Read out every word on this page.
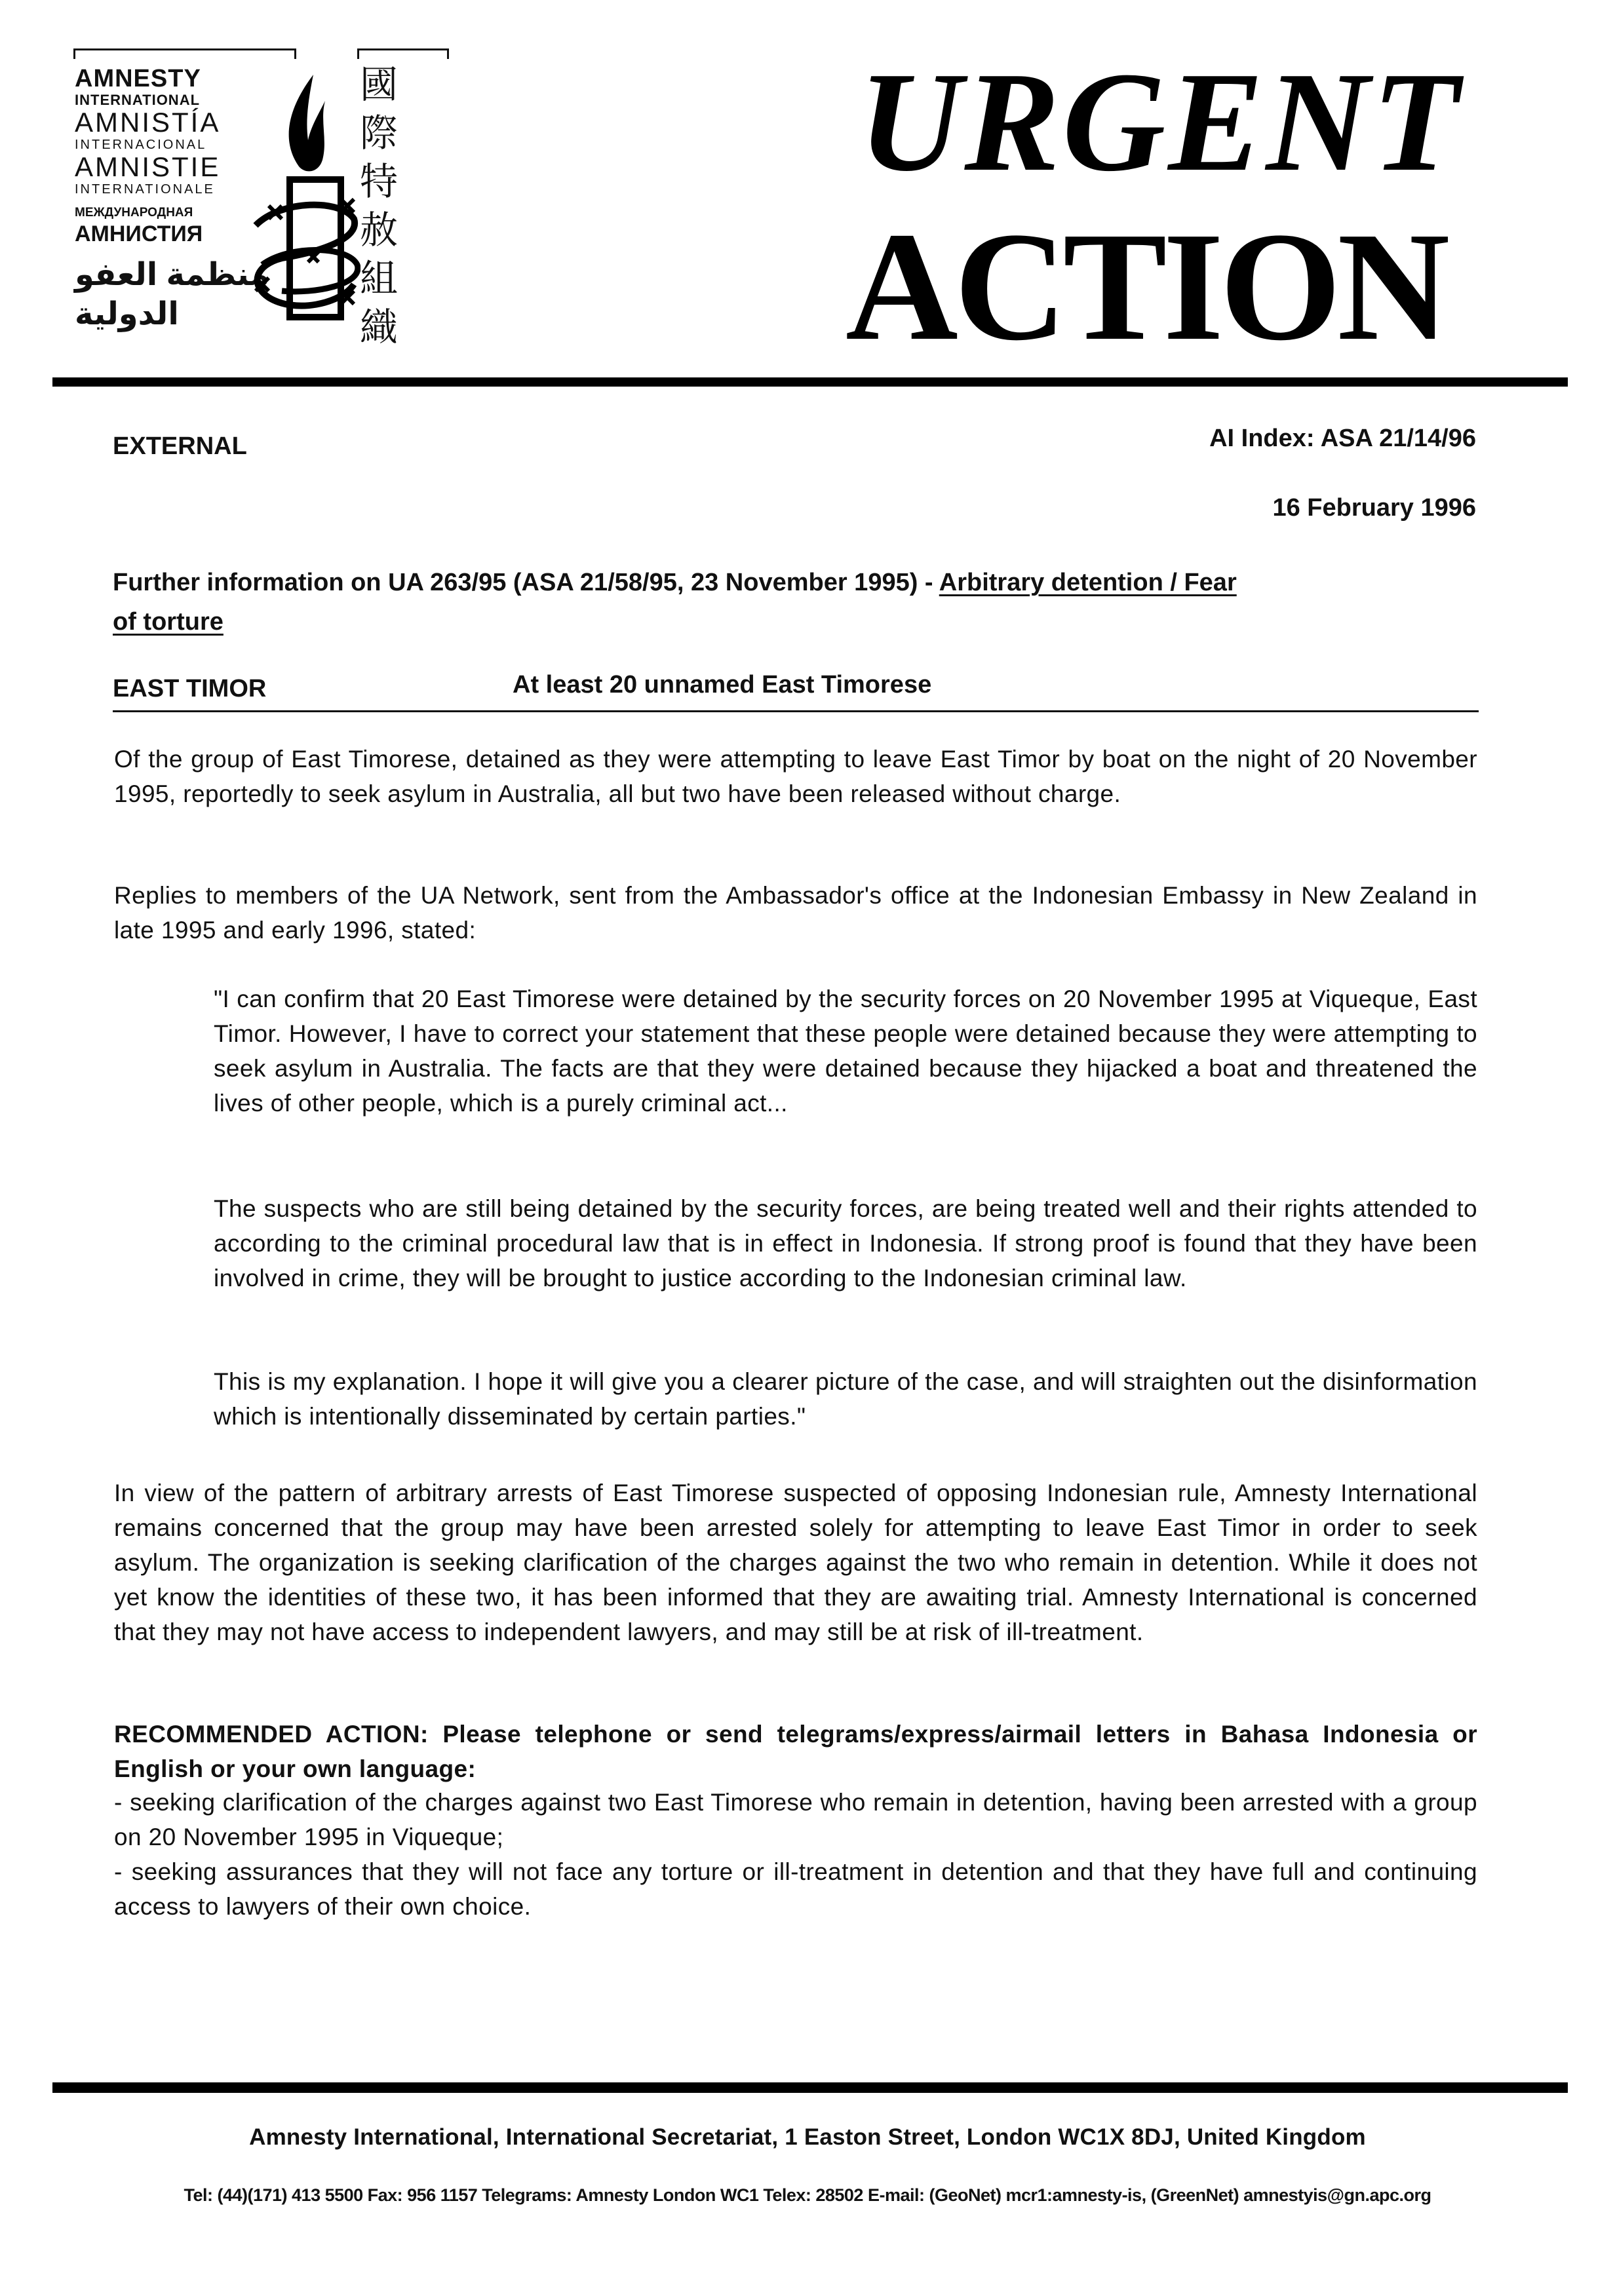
AMNESTY
INTERNATIONAL
AMNISTÍA
INTERNACIONAL
AMNISTIE
INTERNATIONALE
МЕЖДУНАРОДНАЯ
АМНИСТИЯ
منظمة العفو الدولية
國
際
特
赦
組
織
URGENT
ACTION
EXTERNAL	AI Index: ASA 21/14/96
16 February 1996
Further information on UA 263/95 (ASA 21/58/95, 23 November 1995) - Arbitrary detention / Fear
of torture
EAST TIMOR	At least 20 unnamed East Timorese
Of the group of East Timorese, detained as they were attempting to leave East Timor by boat on the night of 20 November 1995, reportedly to seek asylum in Australia, all but two have been released without charge.
Replies to members of the UA Network, sent from the Ambassador's office at the Indonesian Embassy in New Zealand in late 1995 and early 1996, stated:
"I can confirm that 20 East Timorese were detained by the security forces on 20 November 1995 at Viqueque, East Timor. However, I have to correct your statement that these people were detained because they were attempting to seek asylum in Australia. The facts are that they were detained because they hijacked a boat and threatened the lives of other people, which is a purely criminal act...
The suspects who are still being detained by the security forces, are being treated well and their rights attended to according to the criminal procedural law that is in effect in Indonesia. If strong proof is found that they have been involved in crime, they will be brought to justice according to the Indonesian criminal law.
This is my explanation. I hope it will give you a clearer picture of the case, and will straighten out the disinformation which is intentionally disseminated by certain parties."
In view of the pattern of arbitrary arrests of East Timorese suspected of opposing Indonesian rule, Amnesty International remains concerned that the group may have been arrested solely for attempting to leave East Timor in order to seek asylum. The organization is seeking clarification of the charges against the two who remain in detention. While it does not yet know the identities of these two, it has been informed that they are awaiting trial. Amnesty International is concerned that they may not have access to independent lawyers, and may still be at risk of ill-treatment.
RECOMMENDED ACTION: Please telephone or send telegrams/express/airmail letters in Bahasa Indonesia or English or your own language:
- seeking clarification of the charges against two East Timorese who remain in detention, having been arrested with a group on 20 November 1995 in Viqueque;
- seeking assurances that they will not face any torture or ill-treatment in detention and that they have full and continuing access to lawyers of their own choice.
Amnesty International, International Secretariat, 1 Easton Street, London WC1X 8DJ, United Kingdom
Tel: (44)(171) 413 5500 Fax: 956 1157 Telegrams: Amnesty London WC1 Telex: 28502 E-mail: (GeoNet) mcr1:amnesty-is, (GreenNet) amnestyis@gn.apc.org
